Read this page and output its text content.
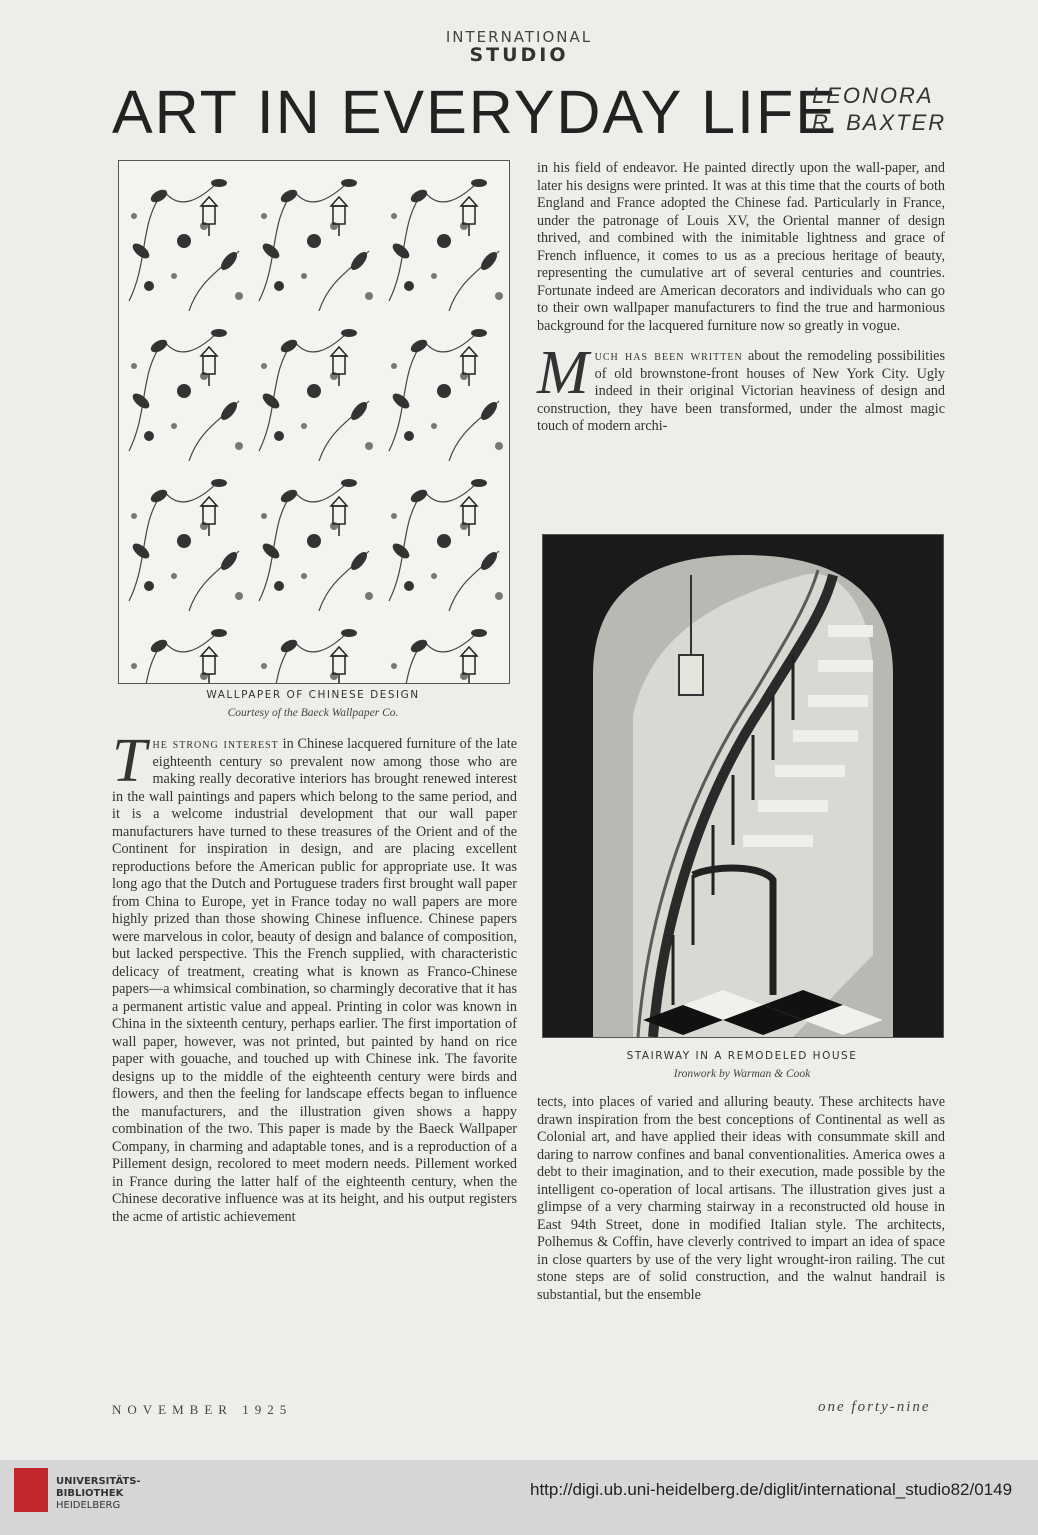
INTERNATIONAL
STUDIO
ART IN EVERYDAY LIFE
LEONORA
R. BAXTER
WALLPAPER OF CHINESE DESIGN
Courtesy of the Baeck Wallpaper Co.

The strong interest in Chinese lacquered furniture of the late eighteenth century so prevalent now among those who are making really decorative interiors has brought renewed interest in the wall paintings and papers which belong to the same period, and it is a welcome industrial development that our wall paper manufacturers have turned to these treasures of the Orient and of the Continent for inspiration in design, and are placing excellent reproductions before the American public for appropriate use. It was long ago that the Dutch and Portuguese traders first brought wall paper from China to Europe, yet in France today no wall papers are more highly prized than those showing Chinese influence. Chinese papers were marvelous in color, beauty of design and balance of composition, but lacked perspective. This the French supplied, with characteristic delicacy of treatment, creating what is known as Franco-Chinese papers—a whimsical combination, so charmingly decorative that it has a permanent artistic value and appeal. Printing in color was known in China in the sixteenth century, perhaps earlier. The first importation of wall paper, however, was not printed, but painted by hand on rice paper with gouache, and touched up with Chinese ink. The favorite designs up to the middle of the eighteenth century were birds and flowers, and then the feeling for landscape effects began to influence the manufacturers, and the illustration given shows a happy combination of the two. This paper is made by the Baeck Wallpaper Company, in charming and adaptable tones, and is a reproduction of a Pillement design, recolored to meet modern needs. Pillement worked in France during the latter half of the eighteenth century, when the Chinese decorative influence was at its height, and his output registers the acme of artistic achievement

in his field of endeavor. He painted directly upon the wall-paper, and later his designs were printed. It was at this time that the courts of both England and France adopted the Chinese fad. Particularly in France, under the patronage of Louis XV, the Oriental manner of design thrived, and combined with the inimitable lightness and grace of French influence, it comes to us as a precious heritage of beauty, representing the cumulative art of several centuries and countries. Fortunate indeed are American decorators and individuals who can go to their own wallpaper manufacturers to find the true and harmonious background for the lacquered furniture now so greatly in vogue.

Much has been written about the remodeling possibilities of old brownstone-front houses of New York City. Ugly indeed in their original Victorian heaviness of design and construction, they have been transformed, under the almost magic touch of modern archi-

STAIRWAY IN A REMODELED HOUSE
Ironwork by Warman & Cook

tects, into places of varied and alluring beauty. These architects have drawn inspiration from the best conceptions of Continental as well as Colonial art, and have applied their ideas with consummate skill and daring to narrow confines and banal conventionalities. America owes a debt to their imagination, and to their execution, made possible by the intelligent co-operation of local artisans. The illustration gives just a glimpse of a very charming stairway in a reconstructed old house in East 94th Street, done in modified Italian style. The architects, Polhemus & Coffin, have cleverly contrived to impart an idea of space in close quarters by use of the very light wrought-iron railing. The cut stone steps are of solid construction, and the walnut handrail is substantial, but the ensemble

NOVEMBER 1925	one forty-nine
UNIVERSITÄTS-
BIBLIOTHEK
HEIDELBERG
http://digi.ub.uni-heidelberg.de/diglit/international_studio82/0149
